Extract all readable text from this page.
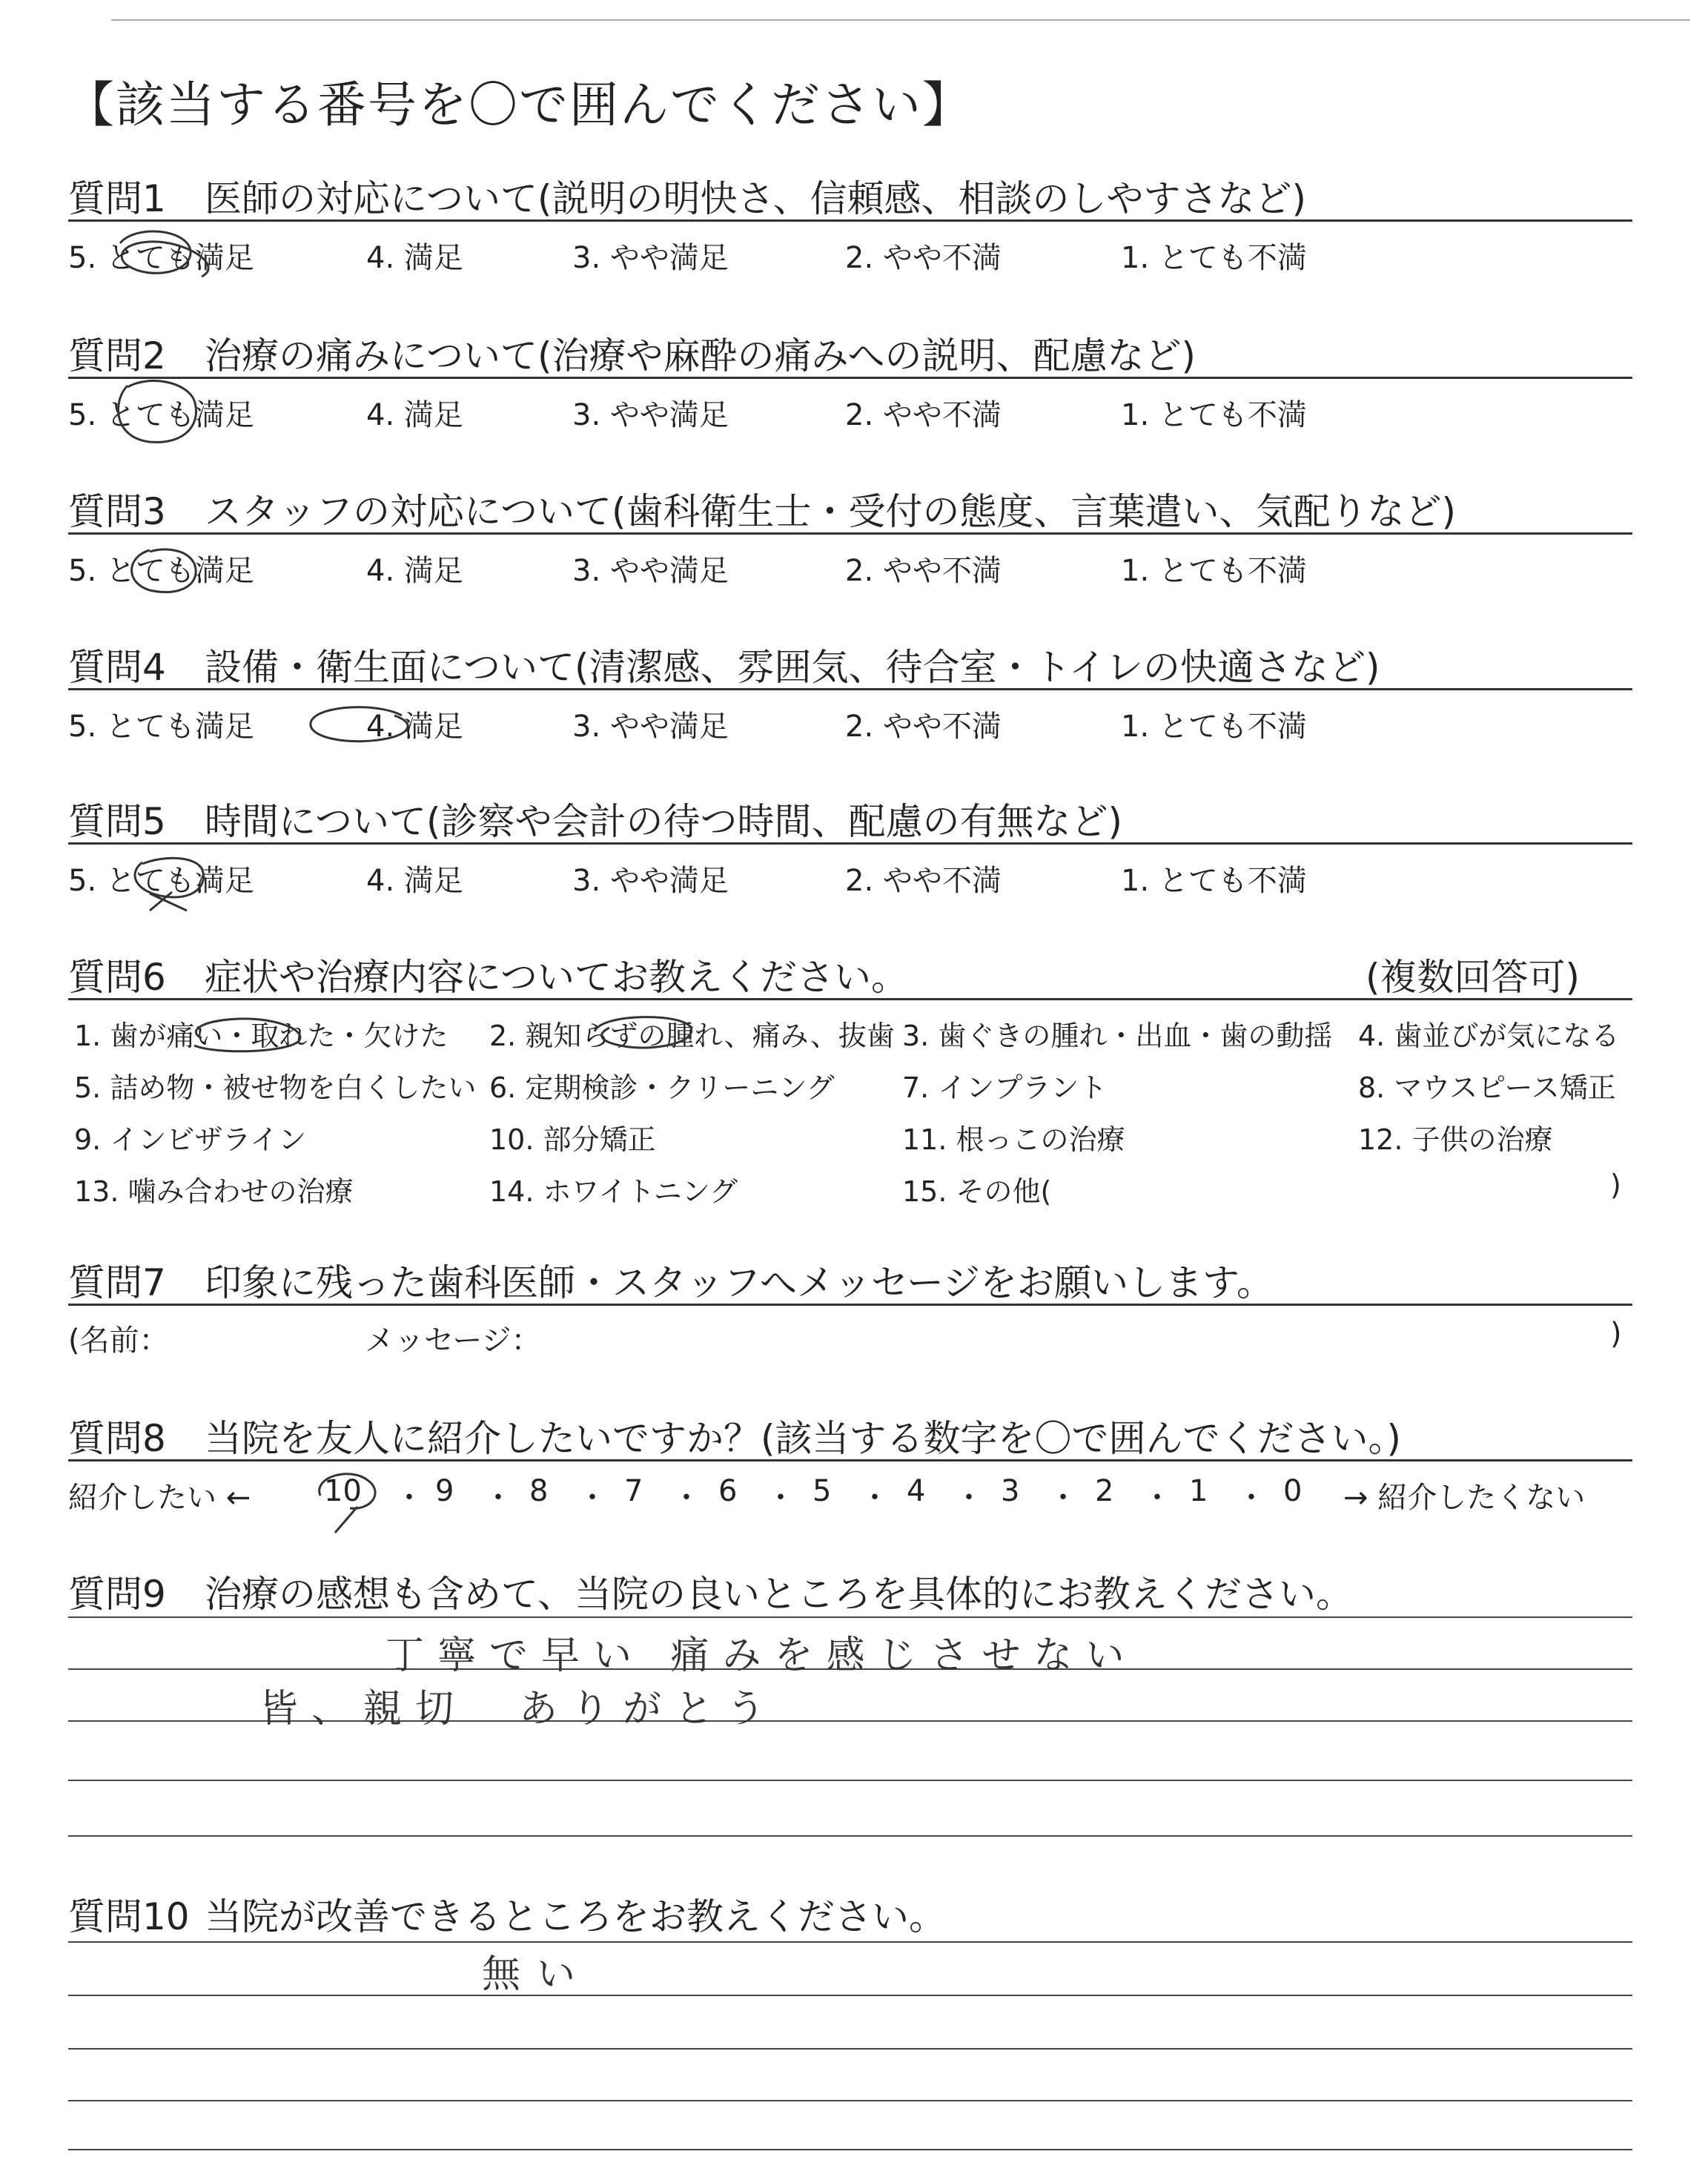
【該当する番号を〇で囲んでください】
質問1 医師の対応について(説明の明快さ、信頼感、相談のしやすさなど)
5. とても満足	4. 満足	3. やや満足	2. やや不満	1. とても不満
質問2 治療の痛みについて(治療や麻酔の痛みへの説明、配慮など)
5. とても満足	4. 満足	3. やや満足	2. やや不満	1. とても不満
質問3 スタッフの対応について(歯科衛生士・受付の態度、言葉遣い、気配りなど)
5. とても満足	4. 満足	3. やや満足	2. やや不満	1. とても不満
質問4 設備・衛生面について(清潔感、雰囲気、待合室・トイレの快適さなど)
5. とても満足	4. 満足	3. やや満足	2. やや不満	1. とても不満
質問5 時間について(診察や会計の待つ時間、配慮の有無など)
5. とても満足	4. 満足	3. やや満足	2. やや不満	1. とても不満
質問6 症状や治療内容についてお教えください。	(複数回答可)
1. 歯が痛い・取れた・欠けた 2. 親知らずの腫れ、痛み、抜歯 3. 歯ぐきの腫れ・出血・歯の動揺 4. 歯並びが気になる
5. 詰め物・被せ物を白くしたい 6. 定期検診・クリーニング 7. インプラント	8. マウスピース矯正
9. インビザライン	10. 部分矯正	11. 根っこの治療	12. 子供の治療
13. 噛み合わせの治療	14. ホワイトニング	15. その他(	)
質問7 印象に残った歯科医師・スタッフへメッセージをお願いします。
(名前：	メッセージ：	)
質問8 当院を友人に紹介したいですか？(該当する数字を〇で囲んでください。)
紹介したい ←	→ 紹介したくない
10 ・ 9 ・ 8 ・ 7 ・ 6 ・ 5 ・ 4 ・ 3 ・ 2 ・ 1 ・ 0
質問9 治療の感想も含めて、当院の良いところを具体的にお教えください。
丁寧で早い 痛みを感じさせない
皆、親切　ありがとう
質問10 当院が改善できるところをお教えください。
無い
